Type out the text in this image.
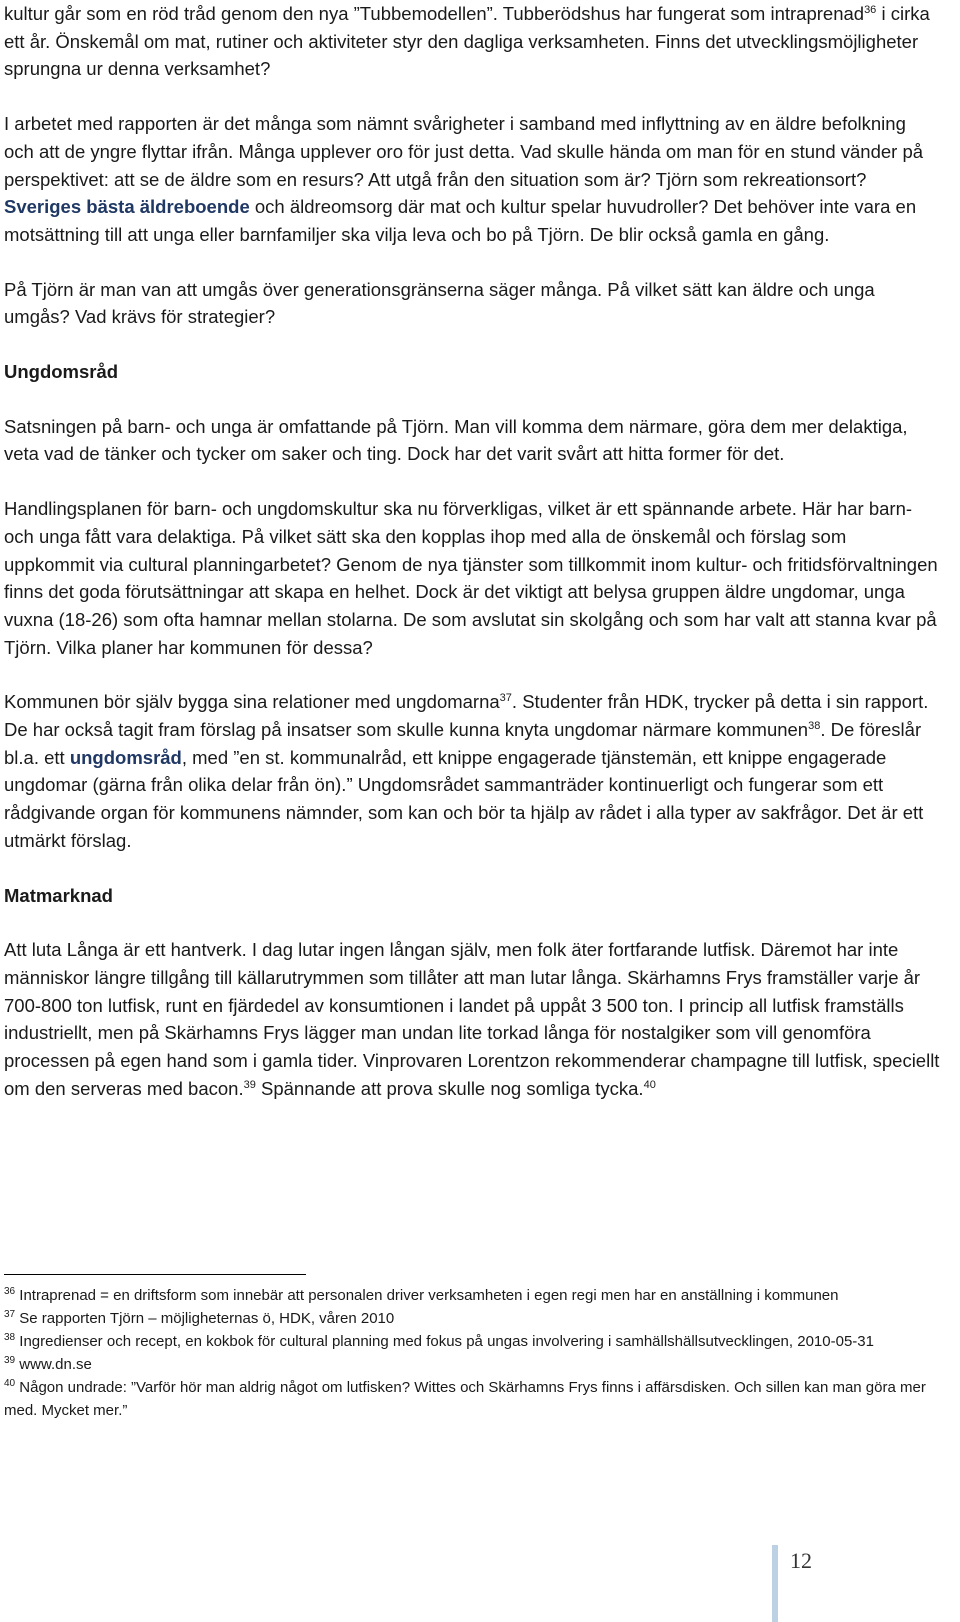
kultur går som en röd tråd genom den nya ”Tubbemodellen”. Tubberödshus har fungerat som intraprenad$^{36}$ i cirka ett år. Önskemål om mat, rutiner och aktiviteter styr den dagliga verksamheten. Finns det utvecklingsmöjligheter sprungna ur denna verksamhet?

I arbetet med rapporten är det många som nämnt svårigheter i samband med inflyttning av en äldre befolkning och att de yngre flyttar ifrån. Många upplever oro för just detta. Vad skulle hända om man för en stund vänder på perspektivet: att se de äldre som en resurs? Att utgå från den situation som är? Tjörn som rekreationsort? Sveriges bästa äldreboende och äldreomsorg där mat och kultur spelar huvudroller? Det behöver inte vara en motsättning till att unga eller barnfamiljer ska vilja leva och bo på Tjörn. De blir också gamla en gång.

På Tjörn är man van att umgås över generationsgränserna säger många. På vilket sätt kan äldre och unga umgås? Vad krävs för strategier?

Ungdomsråd

Satsningen på barn- och unga är omfattande på Tjörn. Man vill komma dem närmare, göra dem mer delaktiga, veta vad de tänker och tycker om saker och ting. Dock har det varit svårt att hitta former för det.

Handlingsplanen för barn- och ungdomskultur ska nu förverkligas, vilket är ett spännande arbete. Här har barn- och unga fått vara delaktiga. På vilket sätt ska den kopplas ihop med alla de önskemål och förslag som uppkommit via cultural planningarbetet? Genom de nya tjänster som tillkommit inom kultur- och fritidsförvaltningen finns det goda förutsättningar att skapa en helhet. Dock är det viktigt att belysa gruppen äldre ungdomar, unga vuxna (18-26) som ofta hamnar mellan stolarna. De som avslutat sin skolgång och som har valt att stanna kvar på Tjörn. Vilka planer har kommunen för dessa?

Kommunen bör själv bygga sina relationer med ungdomarna$^{37}$. Studenter från HDK, trycker på detta i sin rapport. De har också tagit fram förslag på insatser som skulle kunna knyta ungdomar närmare kommunen$^{38}$. De föreslår bl.a. ett ungdomsråd, med ”en st. kommunalråd, ett knippe engagerade tjänstemän, ett knippe engagerade ungdomar (gärna från olika delar från ön).” Ungdomsrådet sammanträder kontinuerligt och fungerar som ett rådgivande organ för kommunens nämnder, som kan och bör ta hjälp av rådet i alla typer av sakfrågor. Det är ett utmärkt förslag.

Matmarknad

Att luta Långa är ett hantverk. I dag lutar ingen långan själv, men folk äter fortfarande lutfisk. Däremot har inte människor längre tillgång till källarutrymmen som tillåter att man lutar långa. Skärhamns Frys framställer varje år 700-800 ton lutfisk, runt en fjärdedel av konsumtionen i landet på uppåt 3 500 ton. I princip all lutfisk framställs industriellt, men på Skärhamns Frys lägger man undan lite torkad långa för nostalgiker som vill genomföra processen på egen hand som i gamla tider. Vinprovaren Lorentzon rekommenderar champagne till lutfisk, speciellt om den serveras med bacon.$^{39}$ Spännande att prova skulle nog somliga tycka.$^{40}$

$^{36}$ Intraprenad = en driftsform som innebär att personalen driver verksamheten i egen regi men har en anställning i kommunen

$^{37}$ Se rapporten Tjörn – möjligheternas ö, HDK, våren 2010

$^{38}$ Ingredienser och recept, en kokbok för cultural planning med fokus på ungas involvering i samhällshällsutvecklingen, 2010-05-31

$^{39}$ www.dn.se

$^{40}$ Någon undrade: ”Varför hör man aldrig något om lutfisken? Wittes och Skärhamns Frys finns i affärsdisken. Och sillen kan man göra mer med. Mycket mer.”

12
